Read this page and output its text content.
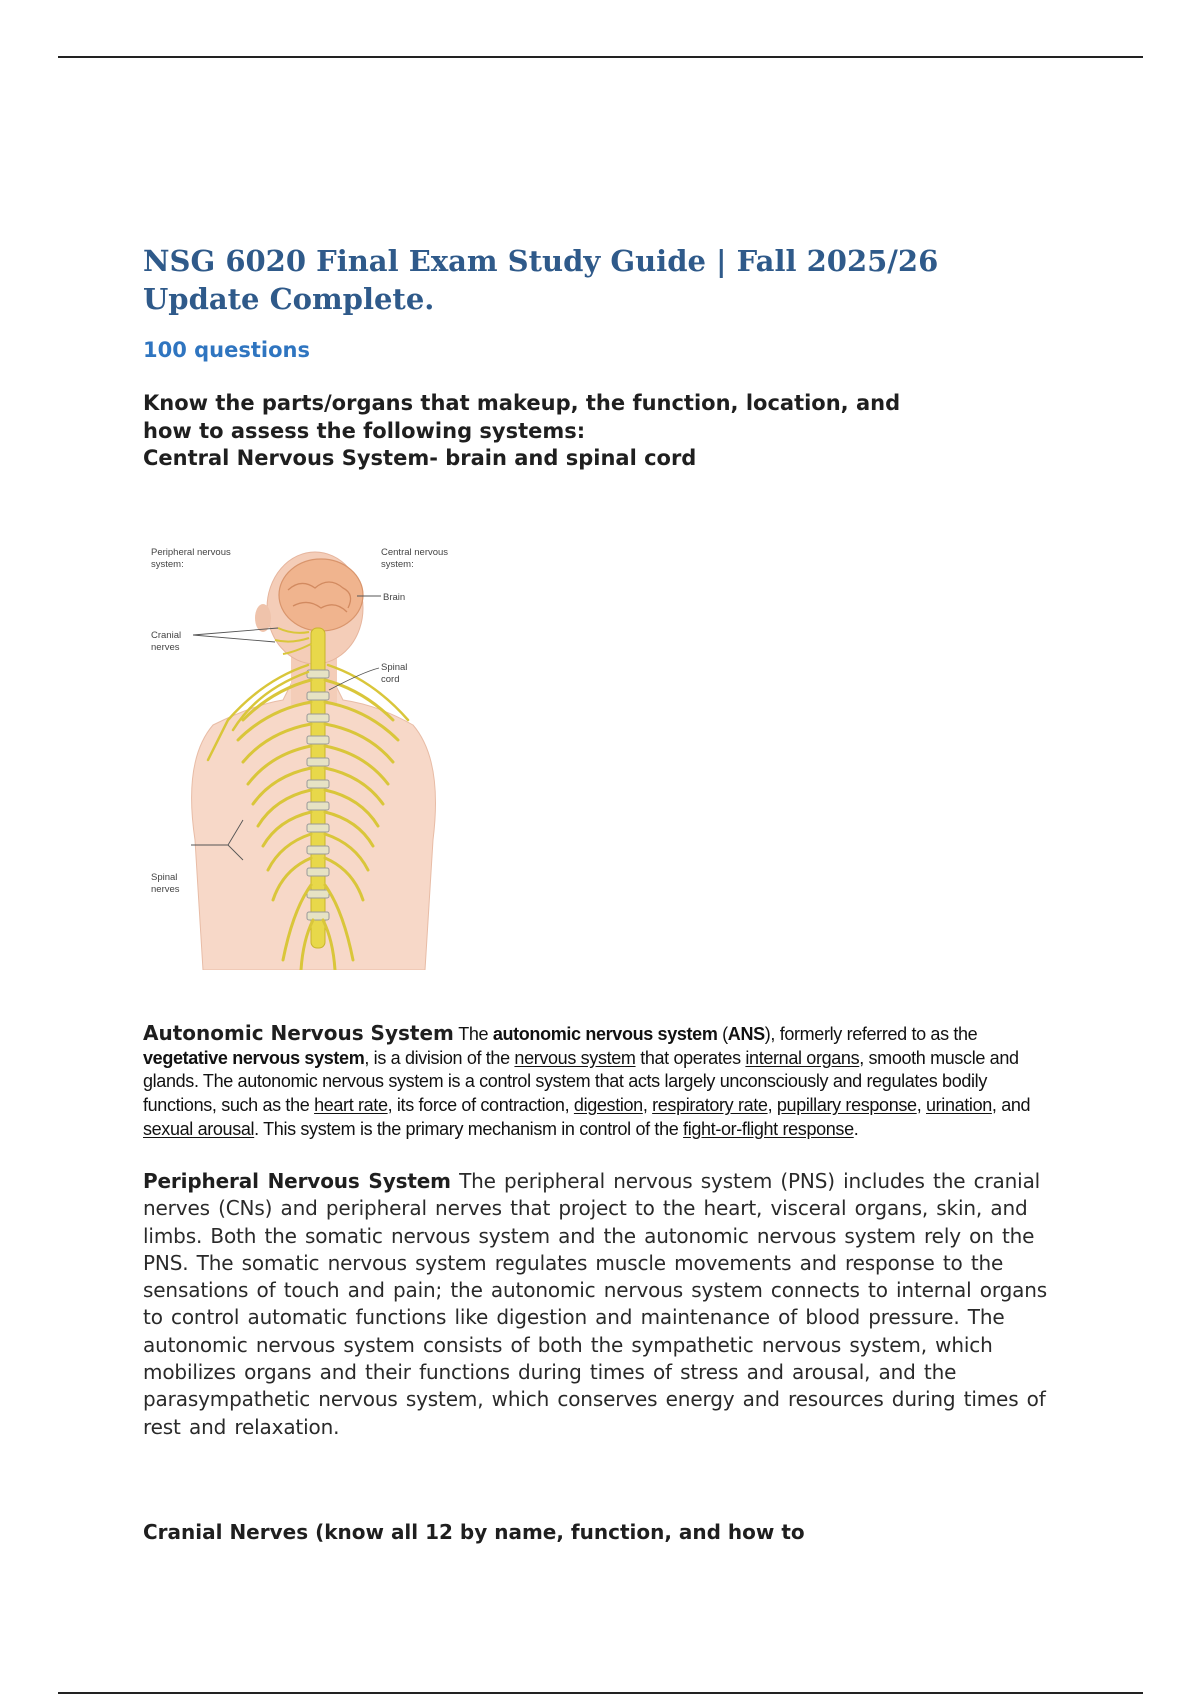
NSG 6020 Final Exam Study Guide | Fall 2025/26
Update Complete.

100 questions

Know the parts/organs that makeup, the function, location, and
how to assess the following systems:
Central Nervous System- brain and spinal cord

Peripheral nervous
system:
Central nervous
system:
Brain
Cranial
nerves
Spinal
cord
Spinal
nerves

Autonomic Nervous System The autonomic nervous system (ANS), formerly referred to as the vegetative nervous system, is a division of the nervous system that operates internal organs, smooth muscle and glands. The autonomic nervous system is a control system that acts largely unconsciously and regulates bodily functions, such as the heart rate, its force of contraction, digestion, respiratory rate, pupillary response, urination, and sexual arousal. This system is the primary mechanism in control of the fight-or-flight response.

Peripheral Nervous System The peripheral nervous system (PNS) includes the cranial nerves (CNs) and peripheral nerves that project to the heart, visceral organs, skin, and limbs. Both the somatic nervous system and the autonomic nervous system rely on the PNS. The somatic nervous system regulates muscle movements and response to the sensations of touch and pain; the autonomic nervous system connects to internal organs to control automatic functions like digestion and maintenance of blood pressure. The autonomic nervous system consists of both the sympathetic nervous system, which mobilizes organs and their functions during times of stress and arousal, and the parasympathetic nervous system, which conserves energy and resources during times of rest and relaxation.

Cranial Nerves (know all 12 by name, function, and how to
